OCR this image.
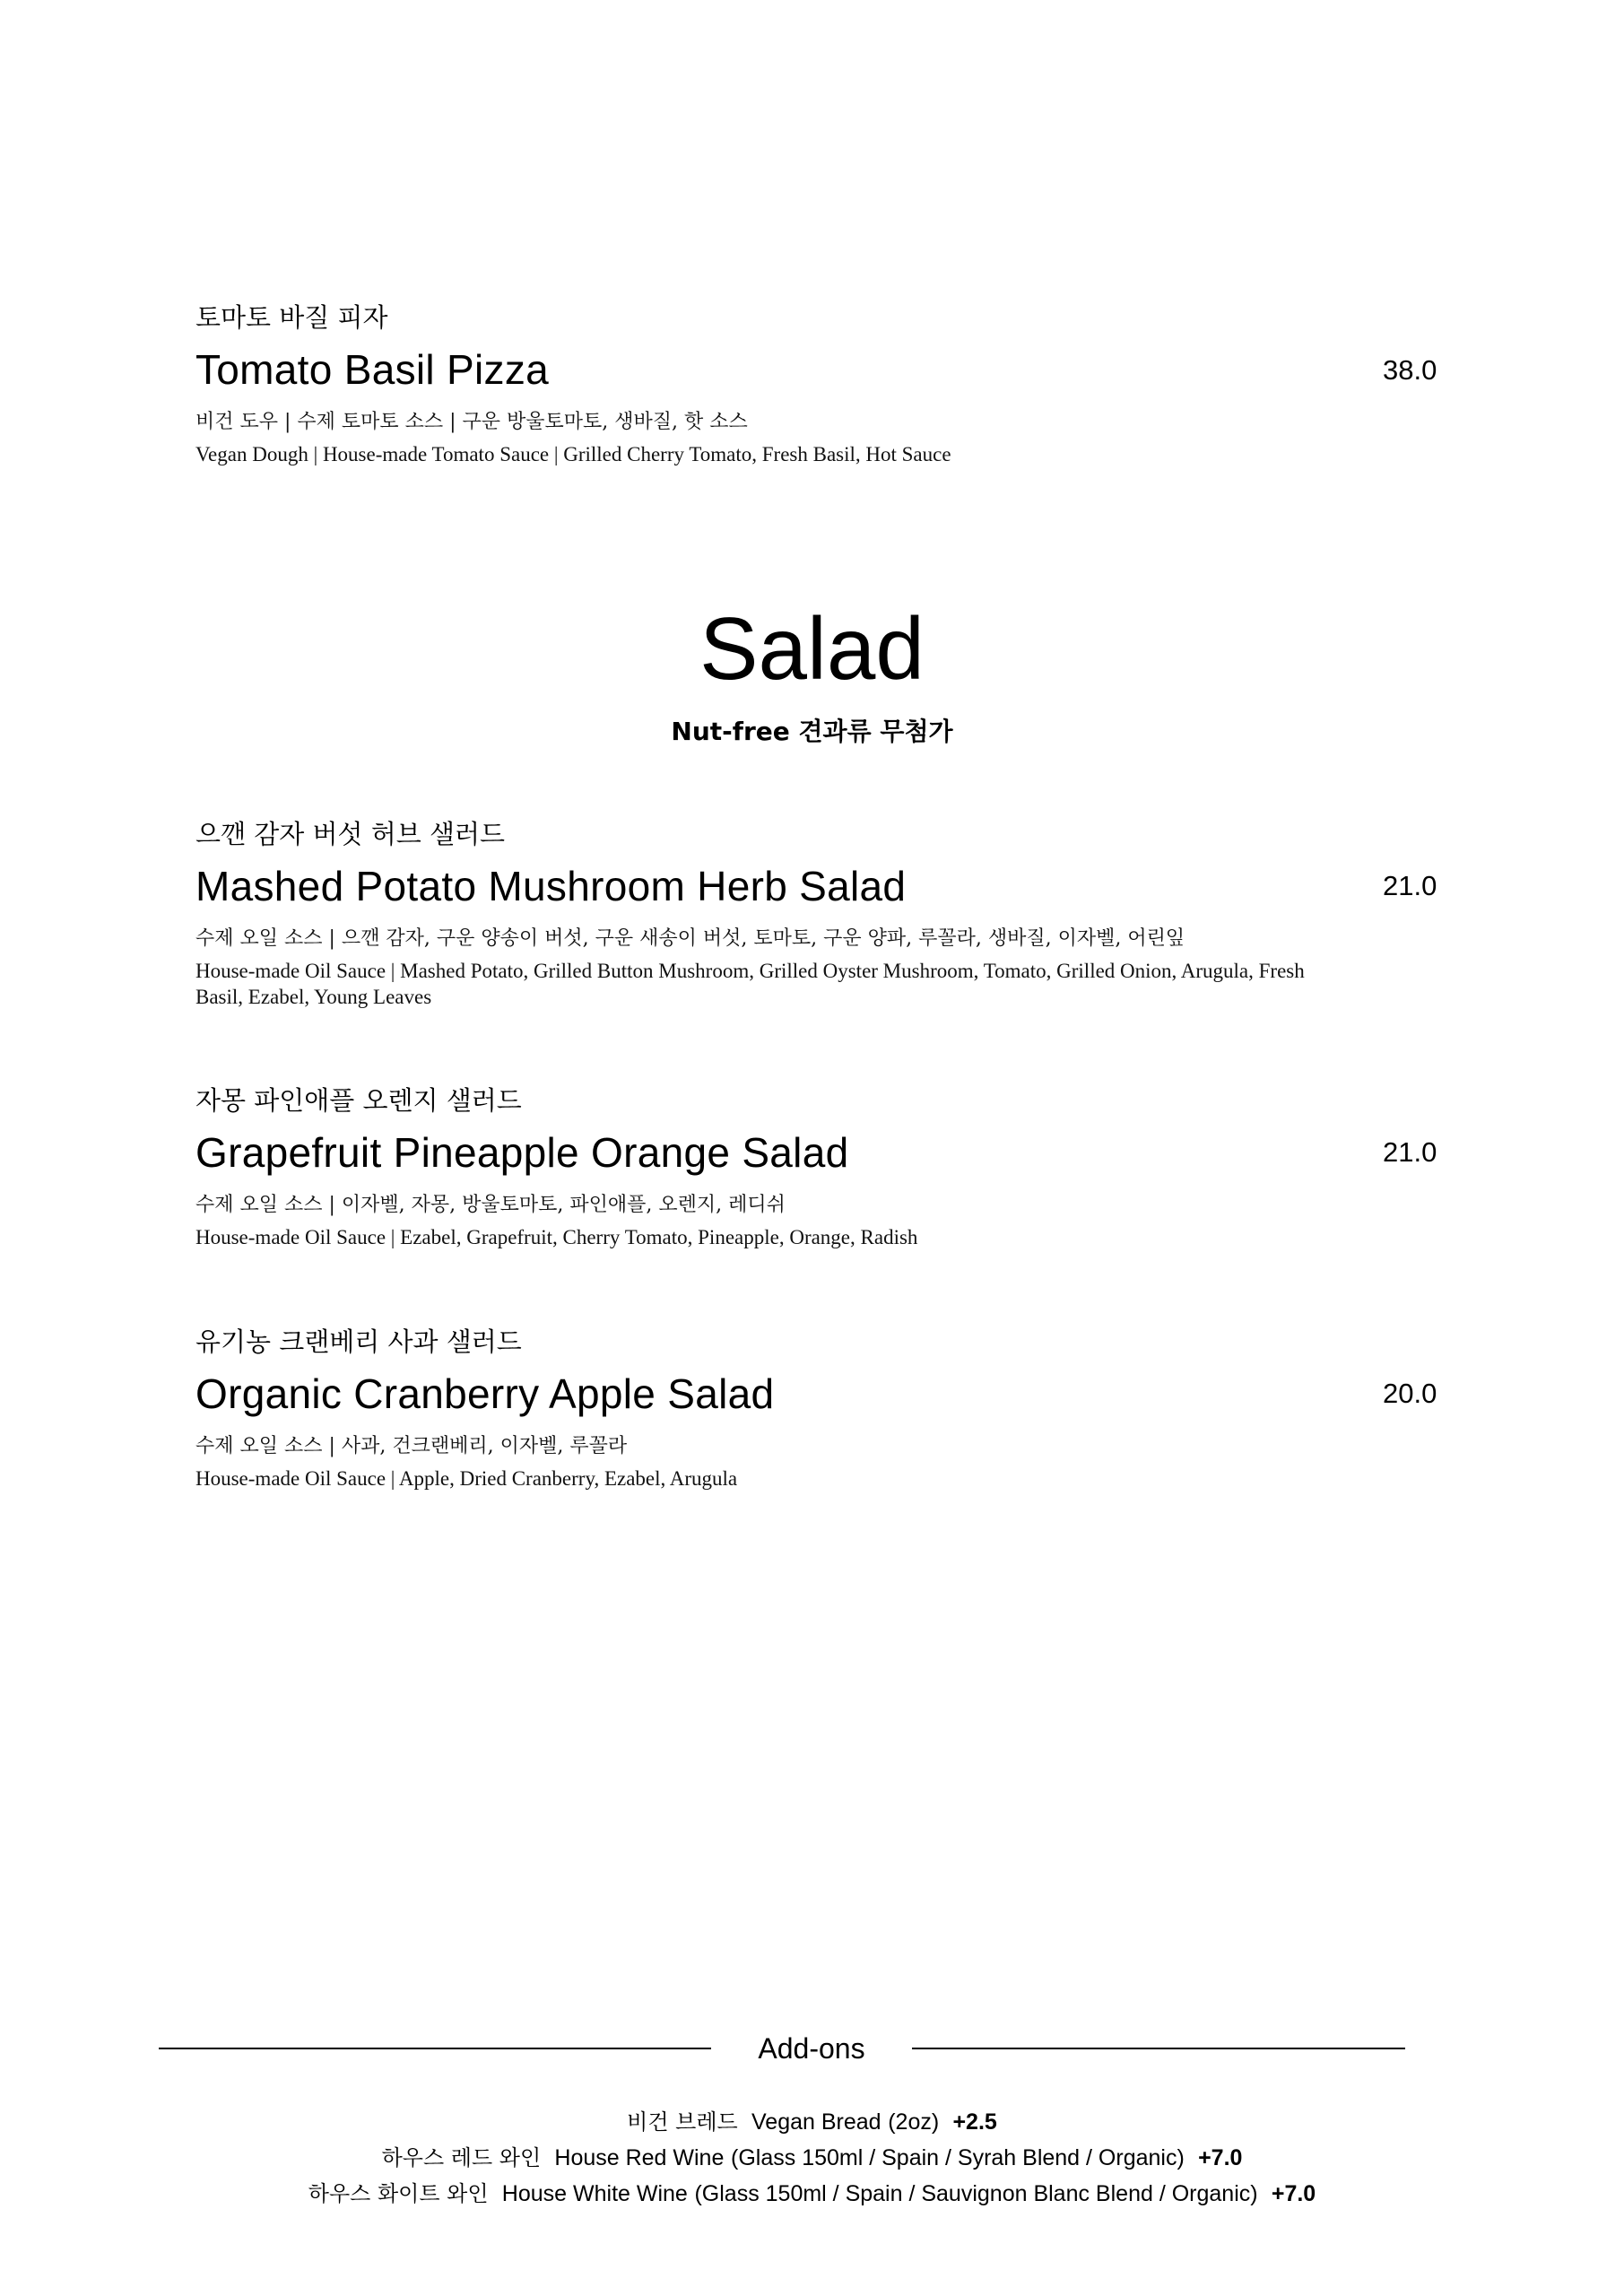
토마토 바질 피자
Tomato Basil Pizza
비건 도우 | 수제 토마토 소스 | 구운 방울토마토, 생바질, 핫 소스
Vegan Dough | House-made Tomato Sauce | Grilled Cherry Tomato, Fresh Basil, Hot Sauce
38.0
Salad
Nut-free 견과류 무첨가
으깬 감자 버섯 허브 샐러드
Mashed Potato Mushroom Herb Salad
수제 오일 소스 | 으깬 감자, 구운 양송이 버섯, 구운 새송이 버섯, 토마토, 구운 양파, 루꼴라, 생바질, 이자벨, 어린잎
House-made Oil Sauce | Mashed Potato, Grilled Button Mushroom, Grilled Oyster Mushroom, Tomato, Grilled Onion, Arugula, Fresh Basil, Ezabel, Young Leaves
21.0
자몽 파인애플 오렌지 샐러드
Grapefruit Pineapple Orange Salad
수제 오일 소스 | 이자벨, 자몽, 방울토마토, 파인애플, 오렌지, 레디쉬
House-made Oil Sauce | Ezabel, Grapefruit, Cherry Tomato, Pineapple, Orange, Radish
21.0
유기농 크랜베리 사과 샐러드
Organic Cranberry Apple Salad
수제 오일 소스 | 사과, 건크랜베리, 이자벨, 루꼴라
House-made Oil Sauce | Apple, Dried Cranberry, Ezabel, Arugula
20.0
Add-ons
비건 브레드 Vegan Bread (2oz) +2.5
하우스 레드 와인 House Red Wine (Glass 150ml / Spain / Syrah Blend / Organic) +7.0
하우스 화이트 와인 House White Wine (Glass 150ml / Spain / Sauvignon Blanc Blend / Organic) +7.0
